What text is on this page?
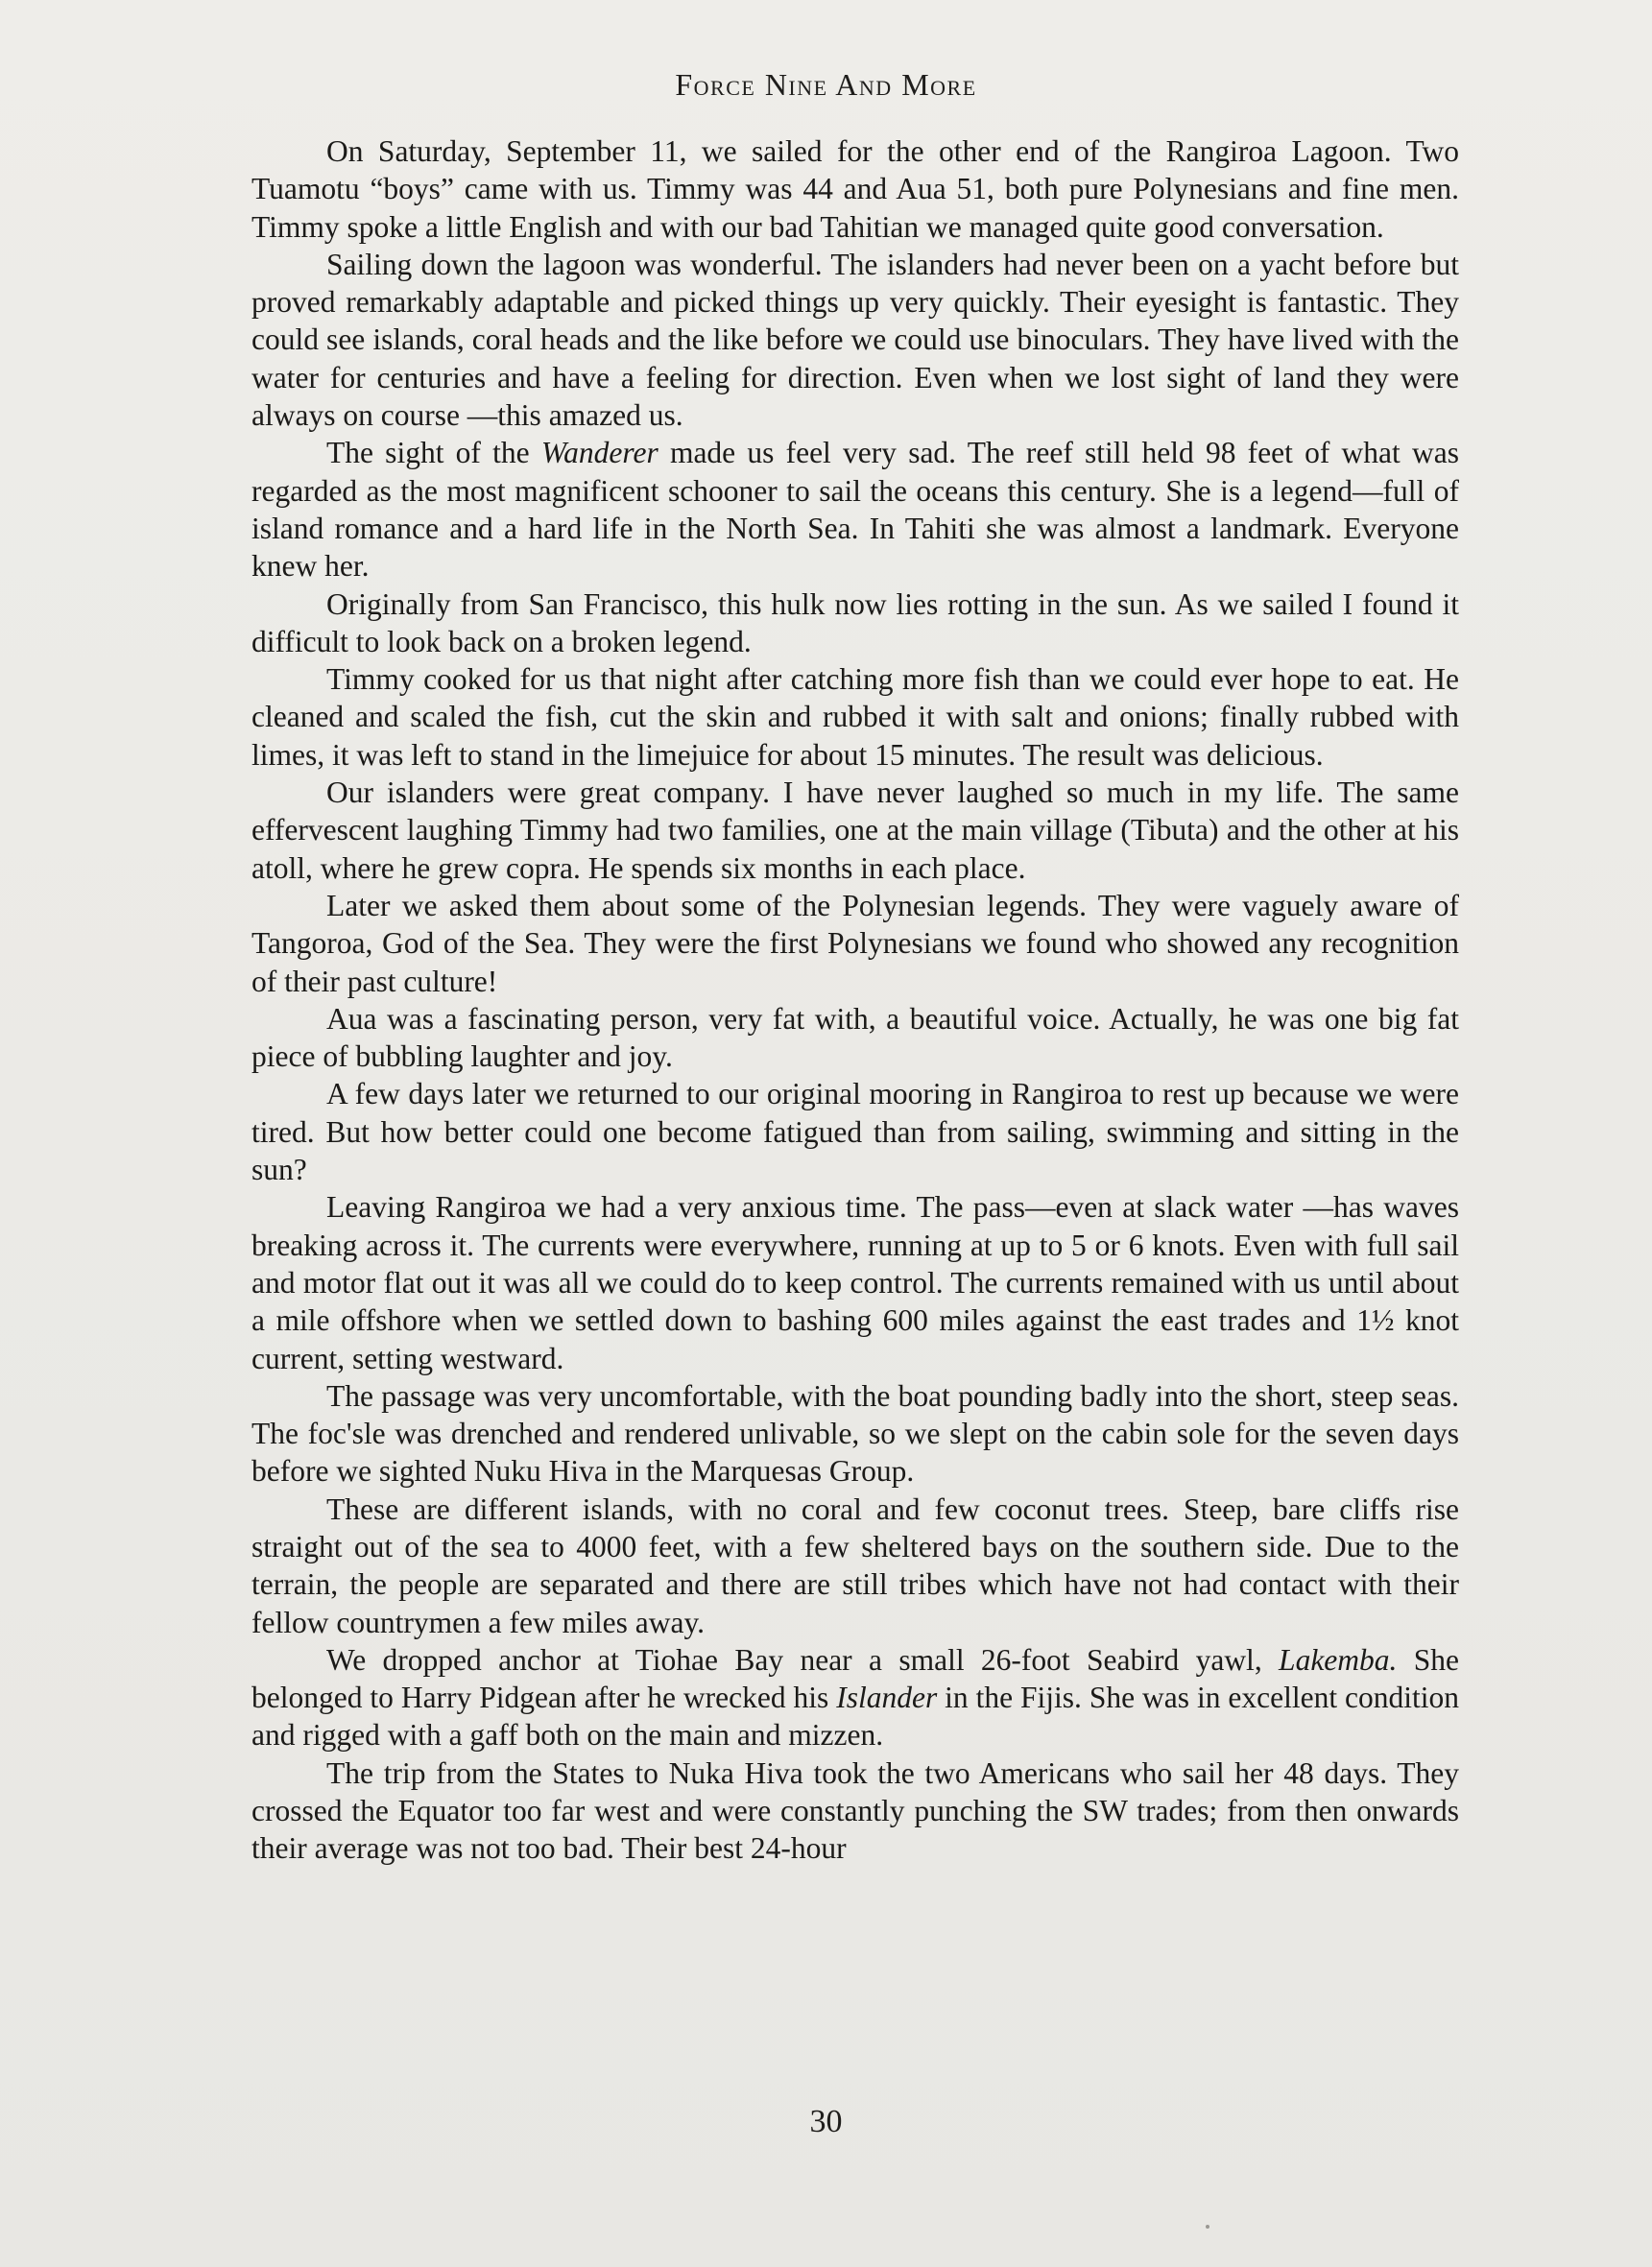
Force Nine And More

On Saturday, September 11, we sailed for the other end of the Rangiroa Lagoon. Two Tuamotu “boys” came with us. Timmy was 44 and Aua 51, both pure Polynesians and fine men. Timmy spoke a little English and with our bad Tahitian we managed quite good conversation.

Sailing down the lagoon was wonderful. The islanders had never been on a yacht before but proved remarkably adaptable and picked things up very quickly. Their eyesight is fantastic. They could see islands, coral heads and the like before we could use binoculars. They have lived with the water for centuries and have a feeling for direction. Even when we lost sight of land they were always on course —this amazed us.

The sight of the Wanderer made us feel very sad. The reef still held 98 feet of what was regarded as the most magnificent schooner to sail the oceans this century. She is a legend—full of island romance and a hard life in the North Sea. In Tahiti she was almost a landmark. Everyone knew her.

Originally from San Francisco, this hulk now lies rotting in the sun. As we sailed I found it difficult to look back on a broken legend.

Timmy cooked for us that night after catching more fish than we could ever hope to eat. He cleaned and scaled the fish, cut the skin and rubbed it with salt and onions; finally rubbed with limes, it was left to stand in the limejuice for about 15 minutes. The result was delicious.

Our islanders were great company. I have never laughed so much in my life. The same effervescent laughing Timmy had two families, one at the main village (Tibuta) and the other at his atoll, where he grew copra. He spends six months in each place.

Later we asked them about some of the Polynesian legends. They were vaguely aware of Tangoroa, God of the Sea. They were the first Polynesians we found who showed any recognition of their past culture!

Aua was a fascinating person, very fat with, a beautiful voice. Actually, he was one big fat piece of bubbling laughter and joy.

A few days later we returned to our original mooring in Rangiroa to rest up because we were tired. But how better could one become fatigued than from sailing, swimming and sitting in the sun?

Leaving Rangiroa we had a very anxious time. The pass—even at slack water —has waves breaking across it. The currents were everywhere, running at up to 5 or 6 knots. Even with full sail and motor flat out it was all we could do to keep control. The currents remained with us until about a mile offshore when we settled down to bashing 600 miles against the east trades and 1½ knot current, setting westward.

The passage was very uncomfortable, with the boat pounding badly into the short, steep seas. The foc'sle was drenched and rendered unlivable, so we slept on the cabin sole for the seven days before we sighted Nuku Hiva in the Marquesas Group.

These are different islands, with no coral and few coconut trees. Steep, bare cliffs rise straight out of the sea to 4000 feet, with a few sheltered bays on the southern side. Due to the terrain, the people are separated and there are still tribes which have not had contact with their fellow countrymen a few miles away.

We dropped anchor at Tiohae Bay near a small 26-foot Seabird yawl, Lakemba. She belonged to Harry Pidgean after he wrecked his Islander in the Fijis. She was in excellent condition and rigged with a gaff both on the main and mizzen.

The trip from the States to Nuka Hiva took the two Americans who sail her 48 days. They crossed the Equator too far west and were constantly punching the SW trades; from then onwards their average was not too bad. Their best 24-hour

30
